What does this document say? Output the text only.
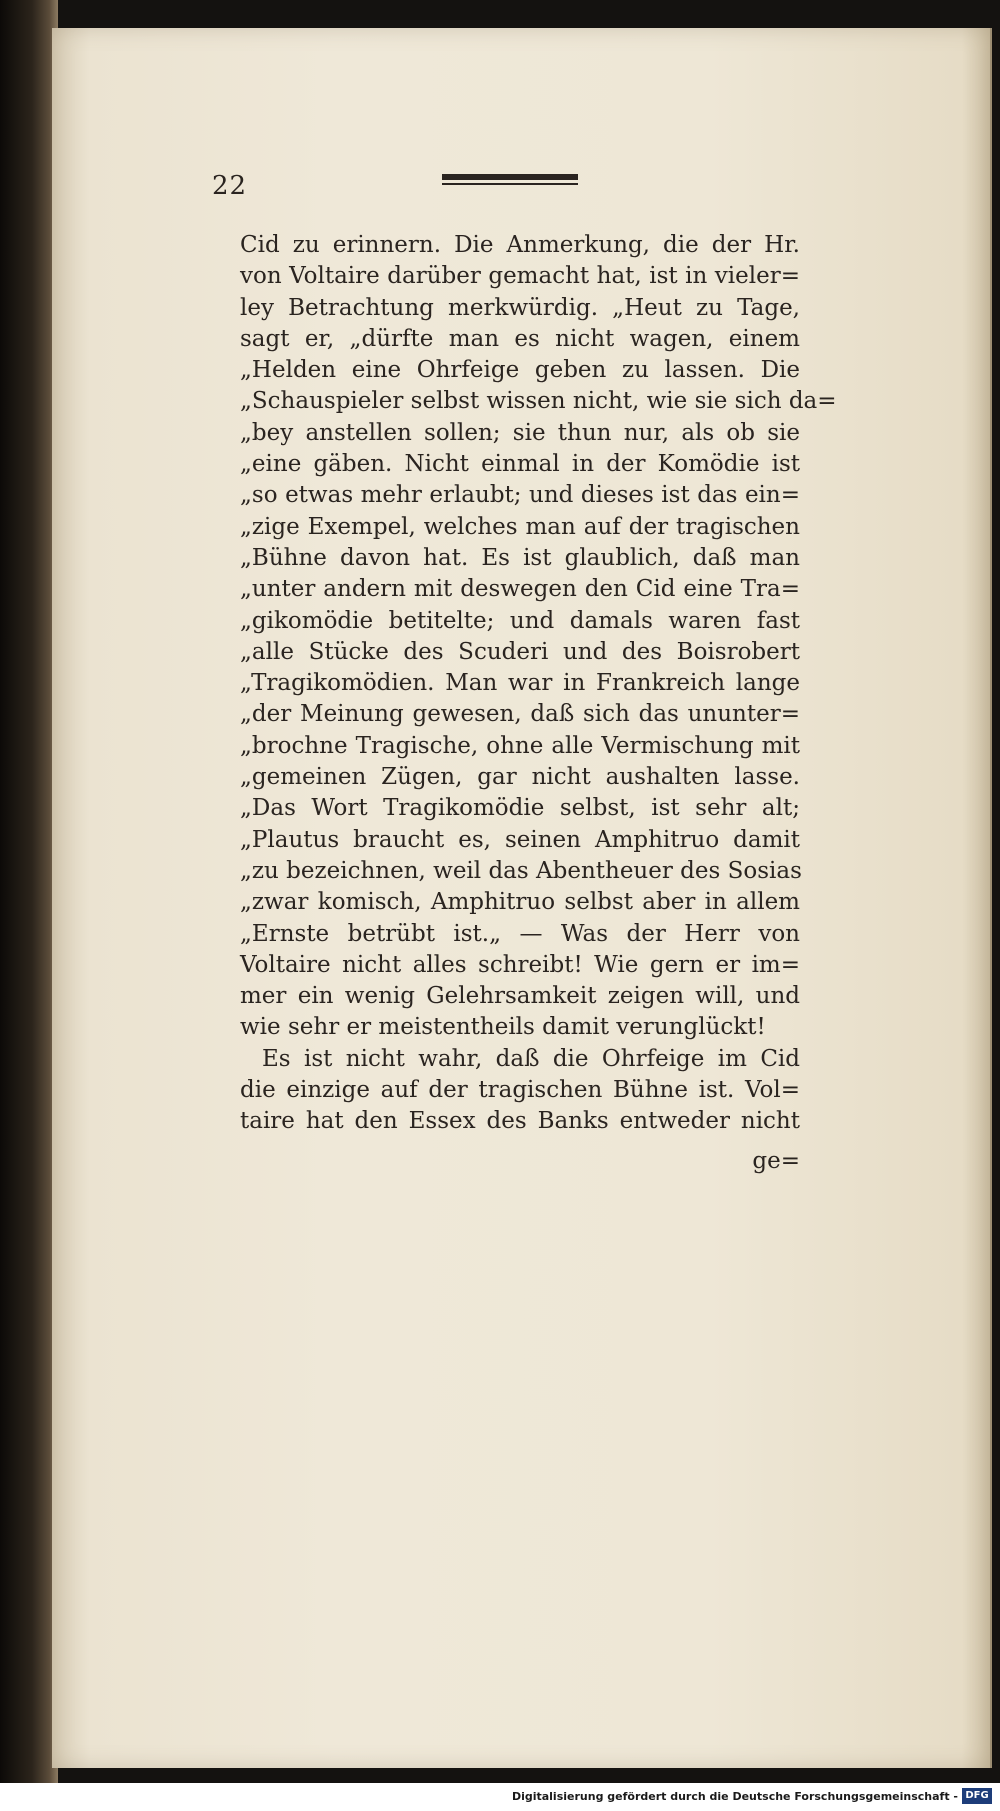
22
Cid zu erinnern. Die Anmerkung, die der Hr.
von Voltaire darüber gemacht hat, ist in vieler=
ley Betrachtung merkwürdig. „Heut zu Tage,
sagt er, „dürfte man es nicht wagen, einem
„Helden eine Ohrfeige geben zu lassen. Die
„Schauspieler selbst wissen nicht, wie sie sich da=
„bey anstellen sollen; sie thun nur, als ob sie
„eine gäben. Nicht einmal in der Komödie ist
„so etwas mehr erlaubt; und dieses ist das ein=
„zige Exempel, welches man auf der tragischen
„Bühne davon hat. Es ist glaublich, daß man
„unter andern mit deswegen den Cid eine Tra=
„gikomödie betitelte; und damals waren fast
„alle Stücke des Scuderi und des Boisrobert
„Tragikomödien. Man war in Frankreich lange
„der Meinung gewesen, daß sich das ununter=
„brochne Tragische, ohne alle Vermischung mit
„gemeinen Zügen, gar nicht aushalten lasse.
„Das Wort Tragikomödie selbst, ist sehr alt;
„Plautus braucht es, seinen Amphitruo damit
„zu bezeichnen, weil das Abentheuer des Sosias
„zwar komisch, Amphitruo selbst aber in allem
„Ernste betrübt ist.„ — Was der Herr von
Voltaire nicht alles schreibt! Wie gern er im=
mer ein wenig Gelehrsamkeit zeigen will, und
wie sehr er meistentheils damit verunglückt!
Es ist nicht wahr, daß die Ohrfeige im Cid
die einzige auf der tragischen Bühne ist. Vol=
taire hat den Essex des Banks entweder nicht
ge=
Digitalisierung gefördert durch die Deutsche Forschungsgemeinschaft - DFG
